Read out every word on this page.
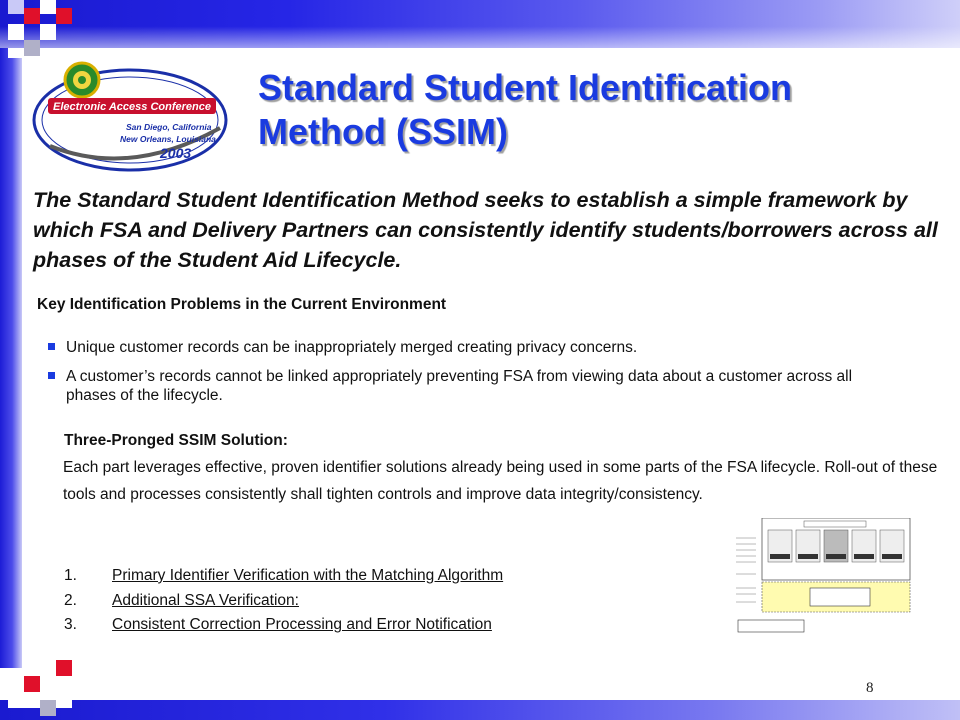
Electronic Access Conference
San Diego, California
New Orleans, Louisiana
2003
Standard Student Identification Method (SSIM)

The Standard Student Identification Method seeks to establish a simple framework by which FSA and Delivery Partners can consistently identify students/borrowers across all phases of the Student Aid Lifecycle.

Key Identification Problems in the Current Environment

Unique customer records can be inappropriately merged creating privacy concerns.
A customer’s records cannot be linked appropriately preventing FSA from viewing data about a customer across all phases of the lifecycle.

Three-Pronged SSIM Solution:

Each part leverages effective, proven identifier solutions already being used in some parts of the FSA lifecycle. Roll-out of these tools and processes consistently shall tighten controls and improve data integrity/consistency.

1. Primary Identifier Verification with the Matching Algorithm
2. Additional SSA Verification:
3. Consistent Correction Processing and Error Notification

8
